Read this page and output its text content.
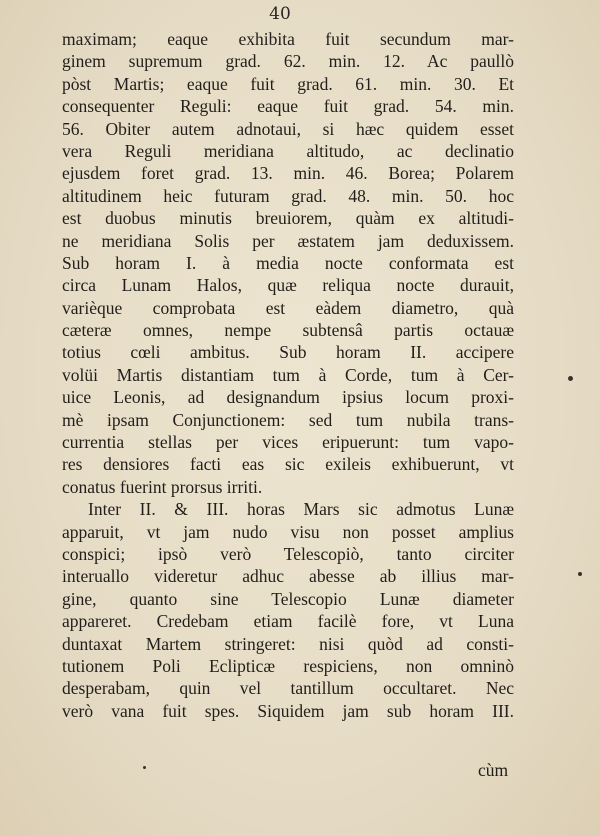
40
maximam; eaque exhibita fuit secundum mar-
ginem supremum grad. 62. min. 12. Ac paullò
pòst Martis; eaque fuit grad. 61. min. 30. Et
consequenter Reguli: eaque fuit grad. 54. min.
56. Obiter autem adnotaui, si hæc quidem esset
vera Reguli meridiana altitudo, ac declinatio
ejusdem foret grad. 13. min. 46. Borea; Polarem
altitudinem heic futuram grad. 48. min. 50. hoc
est duobus minutis breuiorem, quàm ex altitudi-
ne meridiana Solis per æstatem jam deduxissem.
Sub horam I. à media nocte conformata est
circa Lunam Halos, quæ reliqua nocte durauit,
varièque comprobata est eàdem diametro, quà
cæteræ omnes, nempe subtensâ partis octauæ
totius cœli ambitus. Sub horam II. accipere
volüi Martis distantiam tum à Corde, tum à Cer-
uice Leonis, ad designandum ipsius locum proxi-
mè ipsam Conjunctionem: sed tum nubila trans-
currentia stellas per vices eripuerunt: tum vapo-
res densiores facti eas sic exileis exhibuerunt, vt
conatus fuerint prorsus irriti.
Inter II. & III. horas Mars sic admotus Lunæ
apparuit, vt jam nudo visu non posset amplius
conspici; ipsò verò Telescopiò, tanto circiter
interuallo videretur adhuc abesse ab illius mar-
gine, quanto sine Telescopio Lunæ diameter
appareret. Credebam etiam facilè fore, vt Luna
duntaxat Martem stringeret: nisi quòd ad consti-
tutionem Poli Eclipticæ respiciens, non omninò
desperabam, quin vel tantillum occultaret. Nec
verò vana fuit spes. Siquidem jam sub horam III.
cùm
